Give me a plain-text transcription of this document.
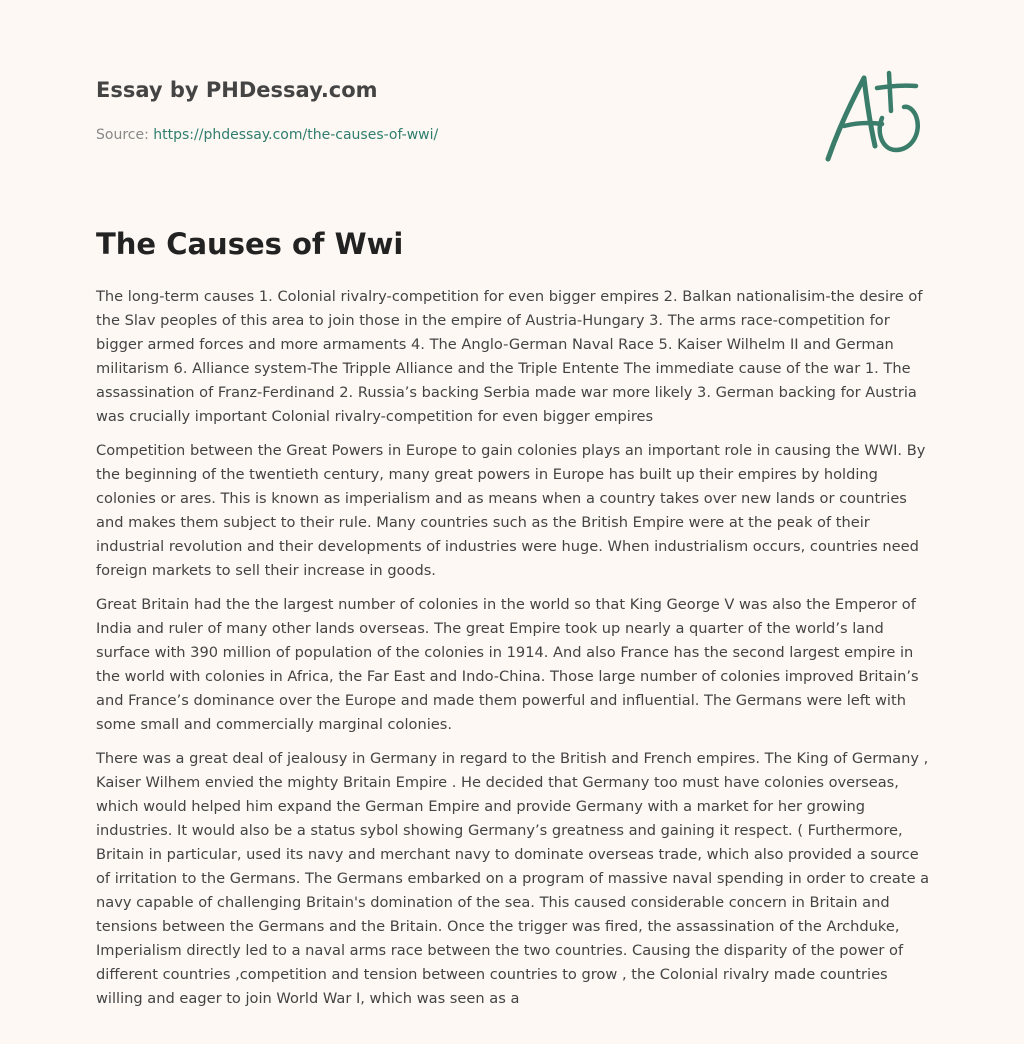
Essay by PHDessay.com
Source: https://phdessay.com/the-causes-of-wwi/
The Causes of Wwi

The long-term causes 1. Colonial rivalry-competition for even bigger empires 2. Balkan nationalisim-the desire of the Slav peoples of this area to join those in the empire of Austria-Hungary 3. The arms race-competition for bigger armed forces and more armaments 4. The Anglo-German Naval Race 5. Kaiser Wilhelm II and German militarism 6. Alliance system-The Tripple Alliance and the Triple Entente The immediate cause of the war 1. The assassination of Franz-Ferdinand 2. Russia’s backing Serbia made war more likely 3. German backing for Austria was crucially important Colonial rivalry-competition for even bigger empires

Competition between the Great Powers in Europe to gain colonies plays an important role in causing the WWI. By the beginning of the twentieth century, many great powers in Europe has built up their empires by holding colonies or ares. This is known as imperialism and as means when a country takes over new lands or countries and makes them subject to their rule. Many countries such as the British Empire were at the peak of their industrial revolution and their developments of industries were huge. When industrialism occurs, countries need foreign markets to sell their increase in goods.

Great Britain had the the largest number of colonies in the world so that King George V was also the Emperor of India and ruler of many other lands overseas. The great Empire took up nearly a quarter of the world’s land surface with 390 million of population of the colonies in 1914. And also France has the second largest empire in the world with colonies in Africa, the Far East and Indo-China. Those large number of colonies improved Britain’s and France’s dominance over the Europe and made them powerful and influential. The Germans were left with some small and commercially marginal colonies.

There was a great deal of jealousy in Germany in regard to the British and French empires. The King of Germany , Kaiser Wilhem envied the mighty Britain Empire . He decided that Germany too must have colonies overseas, which would helped him expand the German Empire and provide Germany with a market for her growing industries. It would also be a status sybol showing Germany’s greatness and gaining it respect. ( Furthermore, Britain in particular, used its navy and merchant navy to dominate overseas trade, which also provided a source of irritation to the Germans. The Germans embarked on a program of massive naval spending in order to create a navy capable of challenging Britain's domination of the sea. This caused considerable concern in Britain and tensions between the Germans and the Britain. Once the trigger was fired, the assassination of the Archduke, Imperialism directly led to a naval arms race between the two countries. Causing the disparity of the power of different countries ,competition and tension between countries to grow , the Colonial rivalry made countries willing and eager to join World War I, which was seen as a
